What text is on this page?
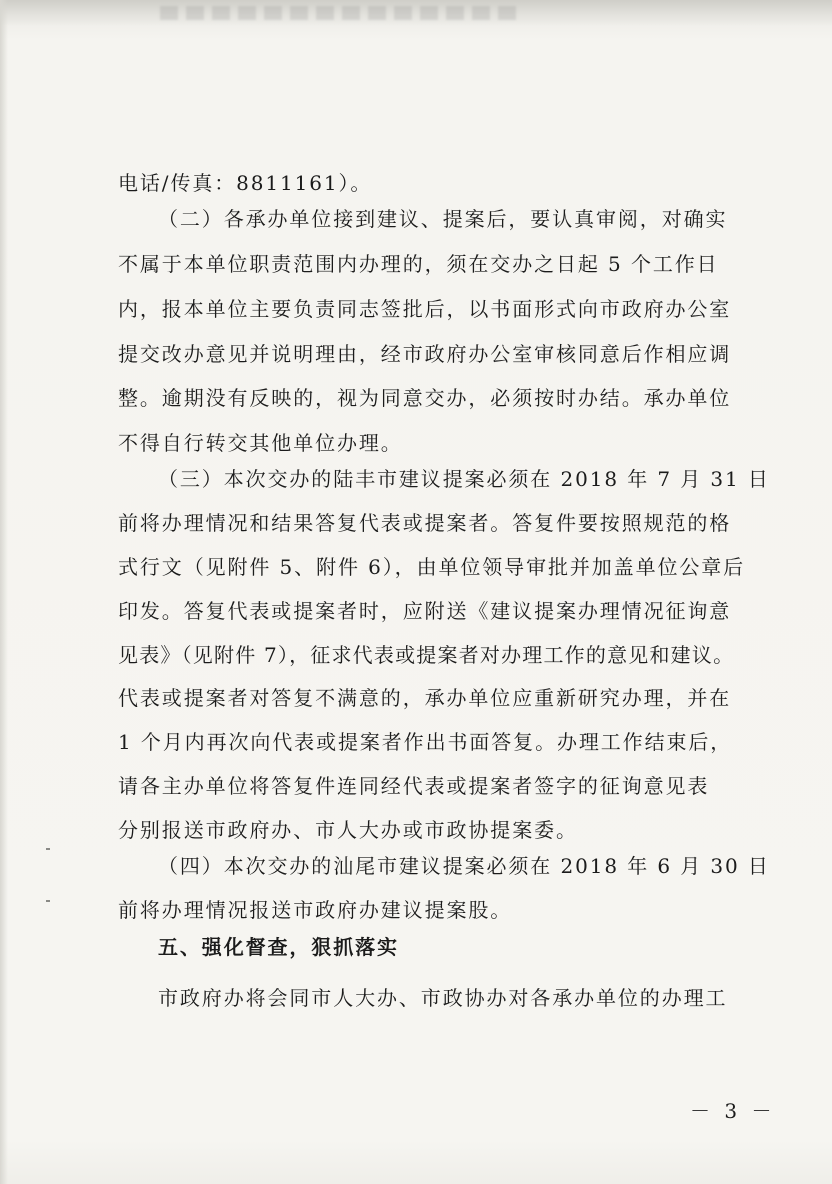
电话/传真：8811161）。

（二）各承办单位接到建议、提案后，要认真审阅，对确实

不属于本单位职责范围内办理的，须在交办之日起 5 个工作日

内，报本单位主要负责同志签批后，以书面形式向市政府办公室

提交改办意见并说明理由，经市政府办公室审核同意后作相应调

整。逾期没有反映的，视为同意交办，必须按时办结。承办单位

不得自行转交其他单位办理。

（三）本次交办的陆丰市建议提案必须在 2018 年 7 月 31 日

前将办理情况和结果答复代表或提案者。答复件要按照规范的格

式行文（见附件 5、附件 6），由单位领导审批并加盖单位公章后

印发。答复代表或提案者时，应附送《建议提案办理情况征询意

见表》（见附件 7），征求代表或提案者对办理工作的意见和建议。

代表或提案者对答复不满意的，承办单位应重新研究办理，并在

1 个月内再次向代表或提案者作出书面答复。办理工作结束后，

请各主办单位将答复件连同经代表或提案者签字的征询意见表

分别报送市政府办、市人大办或市政协提案委。

（四）本次交办的汕尾市建议提案必须在 2018 年 6 月 30 日

前将办理情况报送市政府办建议提案股。

五、强化督查，狠抓落实

市政府办将会同市人大办、市政协办对各承办单位的办理工

－ 3 －
